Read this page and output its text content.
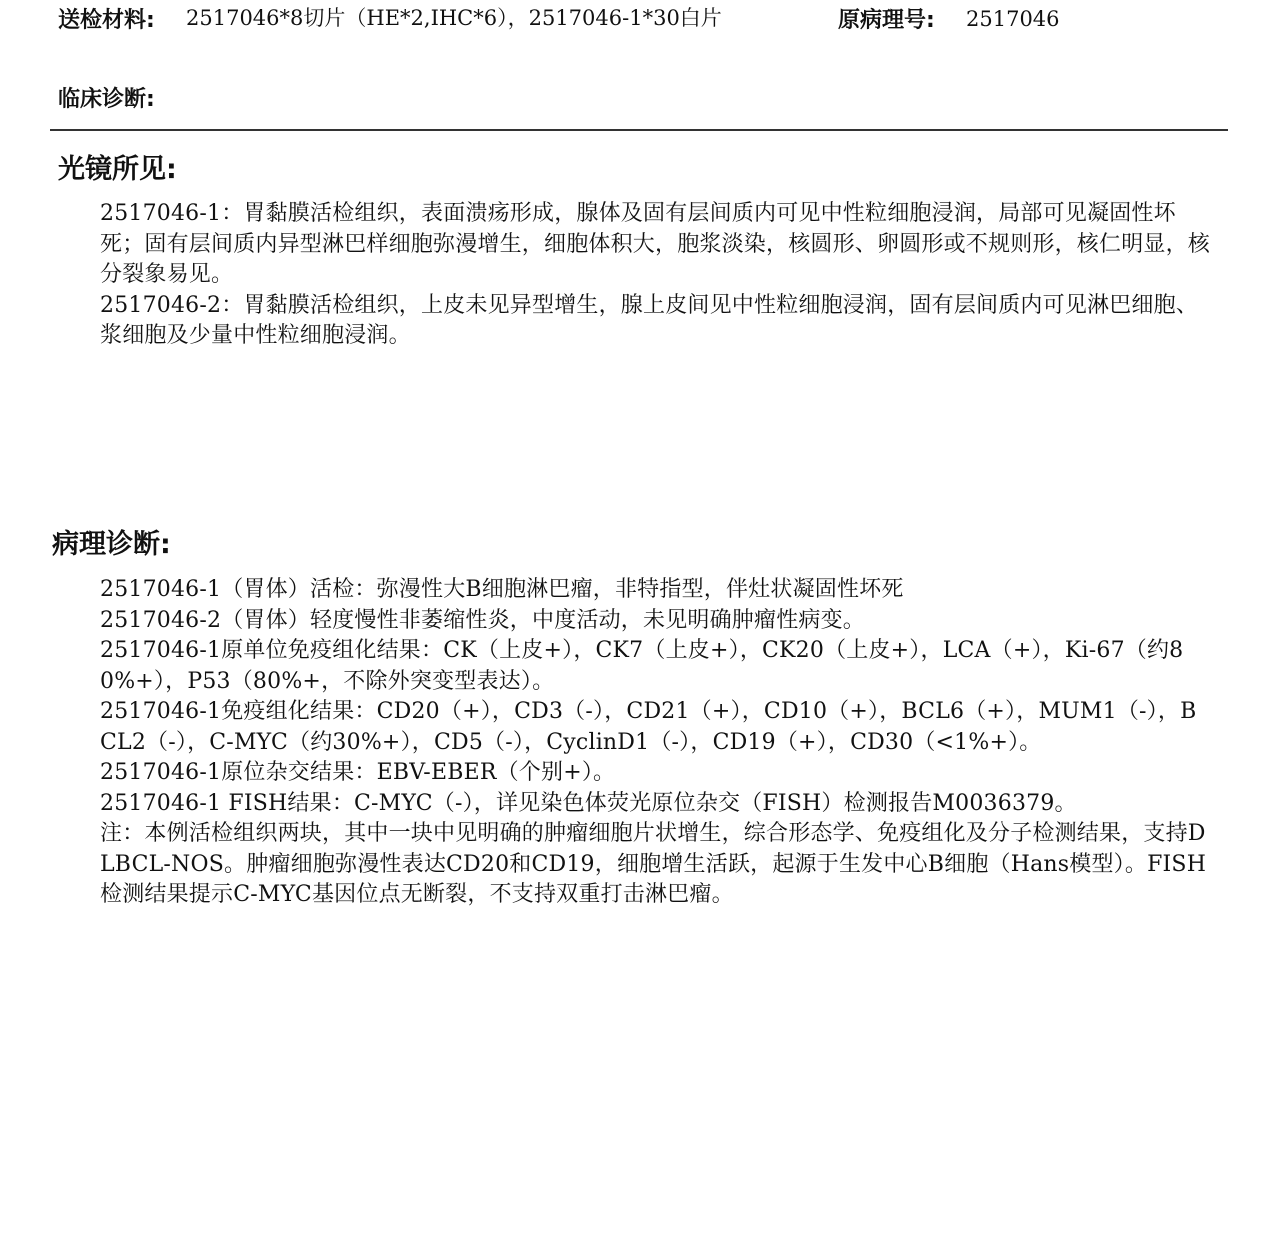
送检材料: 2517046*8切片（HE*2,IHC*6），2517046-1*30白片	原病理号: 2517046
临床诊断:
光镜所见:

2517046-1：胃黏膜活检组织，表面溃疡形成，腺体及固有层间质内可见中性粒细胞浸润，局部可见凝固性坏死；固有层间质内异型淋巴样细胞弥漫增生，细胞体积大，胞浆淡染，核圆形、卵圆形或不规则形，核仁明显，核分裂象易见。

2517046-2：胃黏膜活检组织，上皮未见异型增生，腺上皮间见中性粒细胞浸润，固有层间质内可见淋巴细胞、浆细胞及少量中性粒细胞浸润。

病理诊断:

2517046-1（胃体）活检：弥漫性大B细胞淋巴瘤，非特指型，伴灶状凝固性坏死

2517046-2（胃体）轻度慢性非萎缩性炎，中度活动，未见明确肿瘤性病变。

2517046-1原单位免疫组化结果：CK（上皮+），CK7（上皮+），CK20（上皮+），LCA（+），Ki-67（约80%+），P53（80%+，不除外突变型表达）。

2517046-1免疫组化结果：CD20（+），CD3（-），CD21（+），CD10（+），BCL6（+），MUM1（-），BCL2（-），C-MYC（约30%+），CD5（-），CyclinD1（-），CD19（+），CD30（<1%+）。

2517046-1原位杂交结果：EBV-EBER（个别+）。

2517046-1 FISH结果：C-MYC（-），详见染色体荧光原位杂交（FISH）检测报告M0036379。

注：本例活检组织两块，其中一块中见明确的肿瘤细胞片状增生，综合形态学、免疫组化及分子检测结果，支持DLBCL-NOS。肿瘤细胞弥漫性表达CD20和CD19，细胞增生活跃，起源于生发中心B细胞（Hans模型）。FISH检测结果提示C-MYC基因位点无断裂，不支持双重打击淋巴瘤。
